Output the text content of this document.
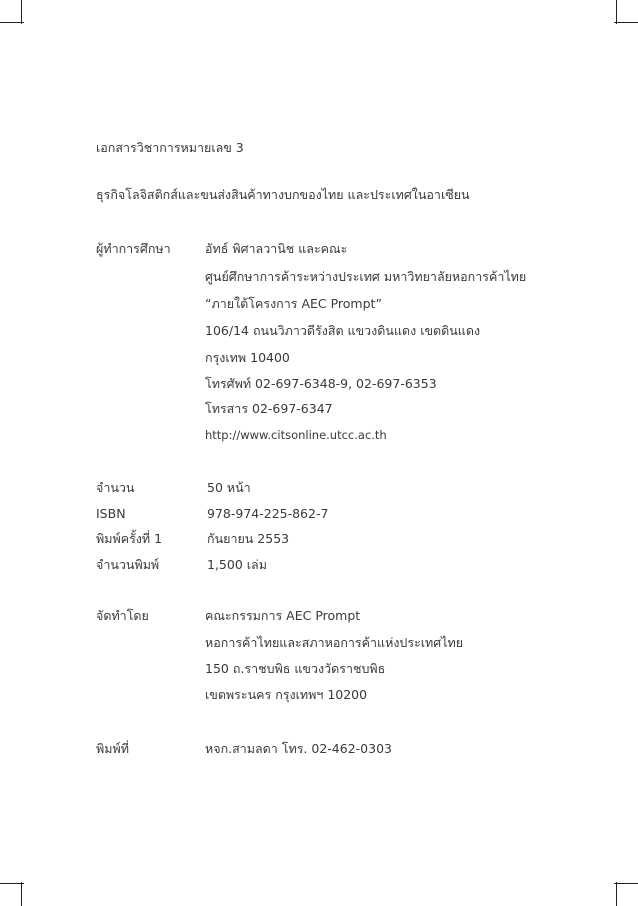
เอกสารวิชาการหมายเลข 3
ธุรกิจโลจิสติกส์และขนส่งสินค้าทางบกของไทย และประเทศในอาเซียน
ผู้ทำการศึกษา	อัทธ์ พิศาลวานิช และคณะ
ศูนย์ศึกษาการค้าระหว่างประเทศ มหาวิทยาลัยหอการค้าไทย
“ภายใต้โครงการ AEC Prompt”
106/14 ถนนวิภาวดีรังสิต แขวงดินแดง เขตดินแดง
กรุงเทพ 10400
โทรศัพท์ 02-697-6348-9, 02-697-6353
โทรสาร 02-697-6347
http://www.citsonline.utcc.ac.th
จำนวน	50 หน้า
ISBN	978-974-225-862-7
พิมพ์ครั้งที่ 1	กันยายน 2553
จำนวนพิมพ์	1,500 เล่ม
จัดทำโดย	คณะกรรมการ AEC Prompt
หอการค้าไทยและสภาหอการค้าแห่งประเทศไทย
150 ถ.ราชบพิธ แขวงวัดราชบพิธ
เขตพระนคร กรุงเทพฯ 10200
พิมพ์ที่	หจก.สามลดา โทร. 02-462-0303
